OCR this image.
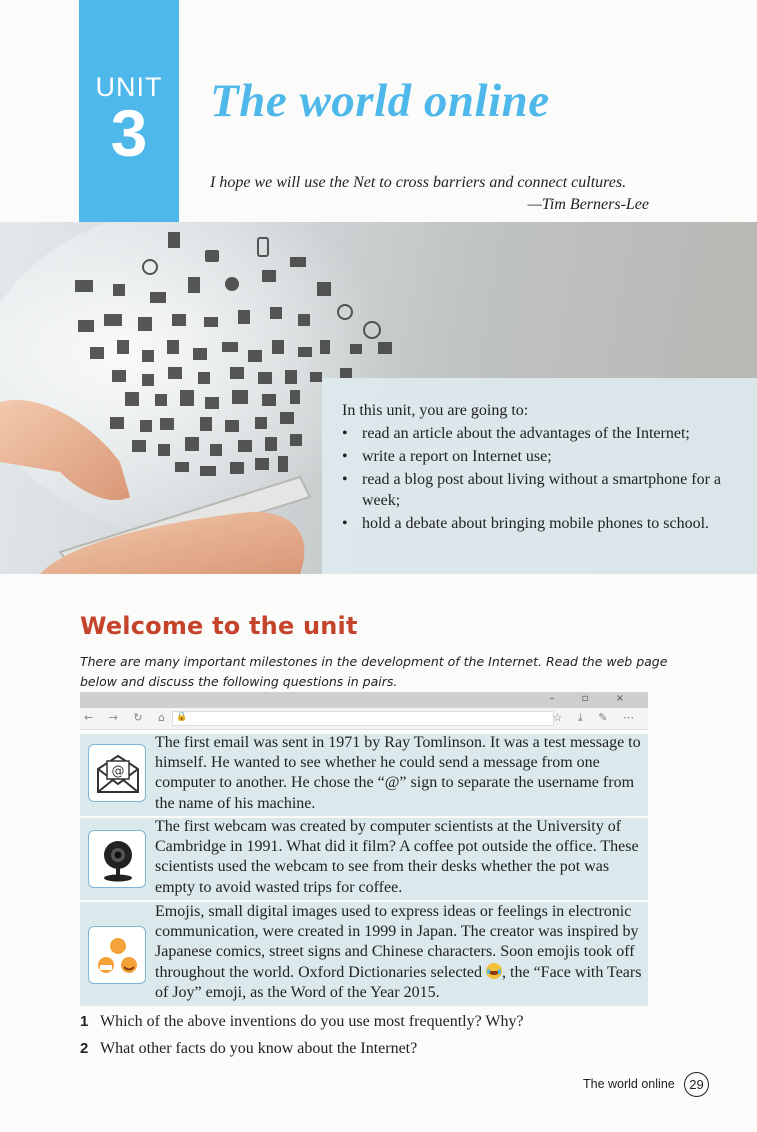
UNIT
3	The world online
I hope we will use the Net to cross barriers and connect cultures.
—Tim Berners-Lee
In this unit, you are going to:
• read an article about the advantages of the Internet;
• write a report on Internet use;
• read a blog post about living without a smartphone for a week;
• hold a debate about bringing mobile phones to school.
Welcome to the unit
There are many important milestones in the development of the Internet. Read the web page below and discuss the following questions in pairs.
– ▫ ×
← → ↻ ⌂ 🔒	☆ ⤓ ✎ ⋯
@
The first email was sent in 1971 by Ray Tomlinson. It was a test message to himself. He wanted to see whether he could send a message from one computer to another. He chose the “@” sign to separate the username from the name of his machine.
The first webcam was created by computer scientists at the University of Cambridge in 1991. What did it film? A coffee pot outside the office. These scientists used the webcam to see from their desks whether the pot was empty to avoid wasted trips for coffee.
Emojis, small digital images used to express ideas or feelings in electronic communication, were created in 1999 in Japan. The creator was inspired by Japanese comics, street signs and Chinese characters. Soon emojis took off throughout the world. Oxford Dictionaries selected
, the “Face with Tears of Joy” emoji, as the Word of the Year 2015.
1 Which of the above inventions do you use most frequently? Why?
2 What other facts do you know about the Internet?
The world online	29
